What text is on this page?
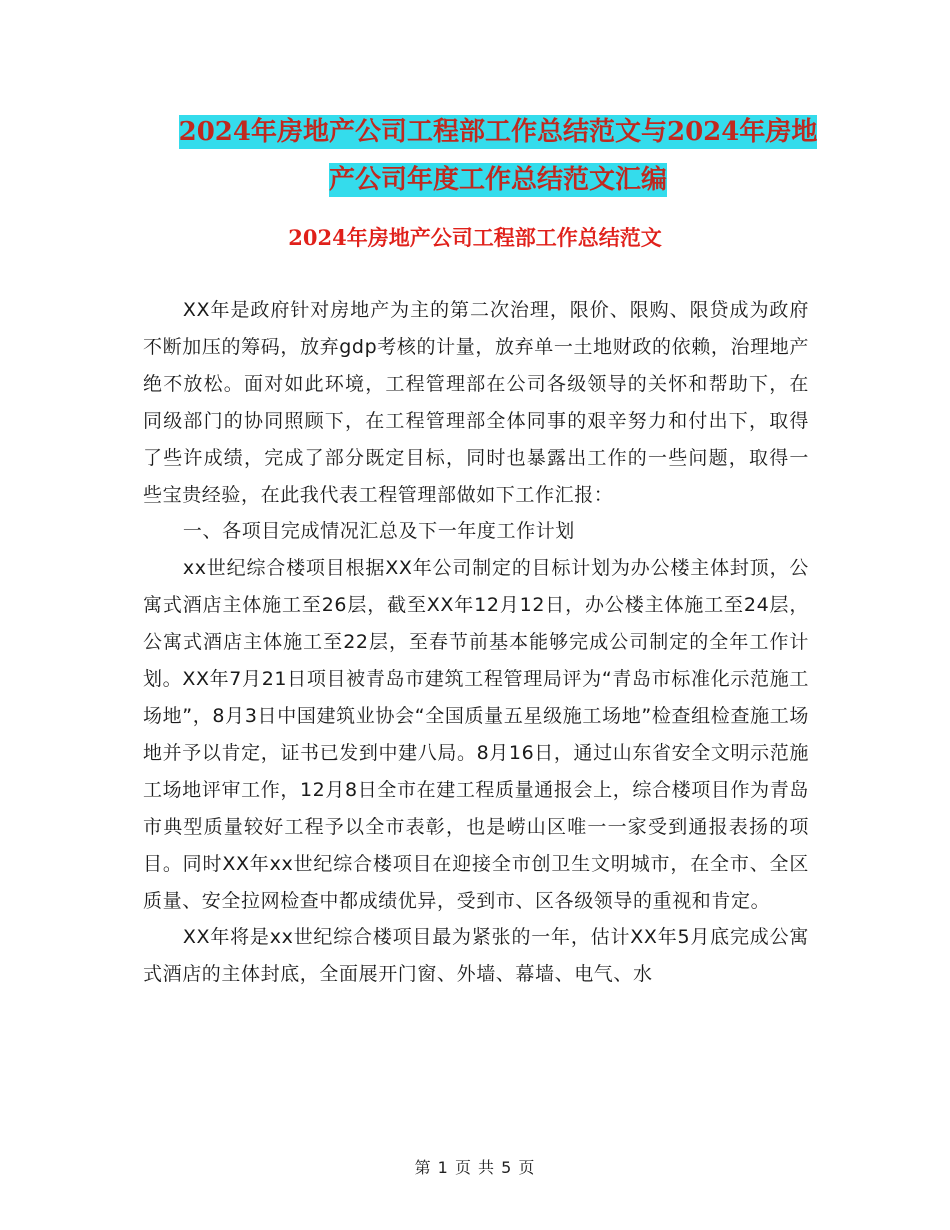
2024年房地产公司工程部工作总结范文与2024年房地
产公司年度工作总结范文汇编
2024年房地产公司工程部工作总结范文

XX年是政府针对房地产为主的第二次治理，限价、限购、限贷成为政府不断加压的筹码，放弃gdp考核的计量，放弃单一土地财政的依赖，治理地产绝不放松。面对如此环境，工程管理部在公司各级领导的关怀和帮助下，在同级部门的协同照顾下，在工程管理部全体同事的艰辛努力和付出下，取得了些许成绩，完成了部分既定目标，同时也暴露出工作的一些问题，取得一些宝贵经验，在此我代表工程管理部做如下工作汇报：

一、各项目完成情况汇总及下一年度工作计划

xx世纪综合楼项目根据XX年公司制定的目标计划为办公楼主体封顶，公寓式酒店主体施工至26层，截至XX年12月12日，办公楼主体施工至24层，公寓式酒店主体施工至22层，至春节前基本能够完成公司制定的全年工作计划。XX年7月21日项目被青岛市建筑工程管理局评为“青岛市标准化示范施工场地”，8月3日中国建筑业协会“全国质量五星级施工场地”检查组检查施工场地并予以肯定，证书已发到中建八局。8月16日，通过山东省安全文明示范施工场地评审工作，12月8日全市在建工程质量通报会上，综合楼项目作为青岛市典型质量较好工程予以全市表彰，也是崂山区唯一一家受到通报表扬的项目。同时XX年xx世纪综合楼项目在迎接全市创卫生文明城市，在全市、全区质量、安全拉网检查中都成绩优异，受到市、区各级领导的重视和肯定。

XX年将是xx世纪综合楼项目最为紧张的一年，估计XX年5月底完成公寓式酒店的主体封底，全面展开门窗、外墙、幕墙、电气、水

第 1 页 共 5 页
